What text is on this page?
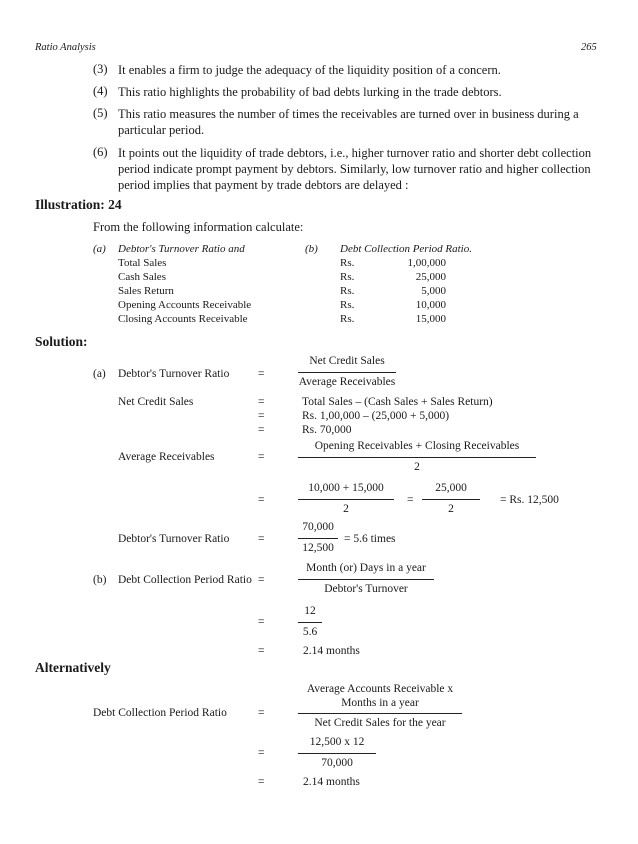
Ratio Analysis	265
(3) It enables a firm to judge the adequacy of the liquidity position of a concern.
(4) This ratio highlights the probability of bad debts lurking in the trade debtors.
(5) This ratio measures the number of times the receivables are turned over in business during a particular period.
(6) It points out the liquidity of trade debtors, i.e., higher turnover ratio and shorter debt collection period indicate prompt payment by debtors. Similarly, low turnover ratio and higher collection period implies that payment by trade debtors are delayed :
Illustration: 24
From the following information calculate:
(a) Debtor's Turnover Ratio and	(b) Debt Collection Period Ratio.
Total Sales	Rs.	1,00,000
Cash Sales	Rs.	25,000
Sales Return	Rs.	5,000
Opening Accounts Receivable	Rs.	10,000
Closing Accounts Receivable	Rs.	15,000
Solution:
(a) Debtor's Turnover Ratio =
Net Credit Sales
Average Receivables
Net Credit Sales	=	Total Sales – (Cash Sales + Sales Return)
=	Rs. 1,00,000 – (25,000 + 5,000)
=	Rs. 70,000
Average Receivables	=
Opening Receivables + Closing Receivables
2
=
10,000 + 15,000
2
=
25,000
2
= Rs. 12,500
Debtor's Turnover Ratio =
70,000
12,500
= 5.6 times
(b) Debt Collection Period Ratio =
Month (or) Days in a year
Debtor's Turnover
=
12
5.6
=	2.14 months
Alternatively
Debt Collection Period Ratio	=
Average Accounts Receivable x
Months in a year
Net Credit Sales for the year
=
12,500 x 12
70,000
=	2.14 months
